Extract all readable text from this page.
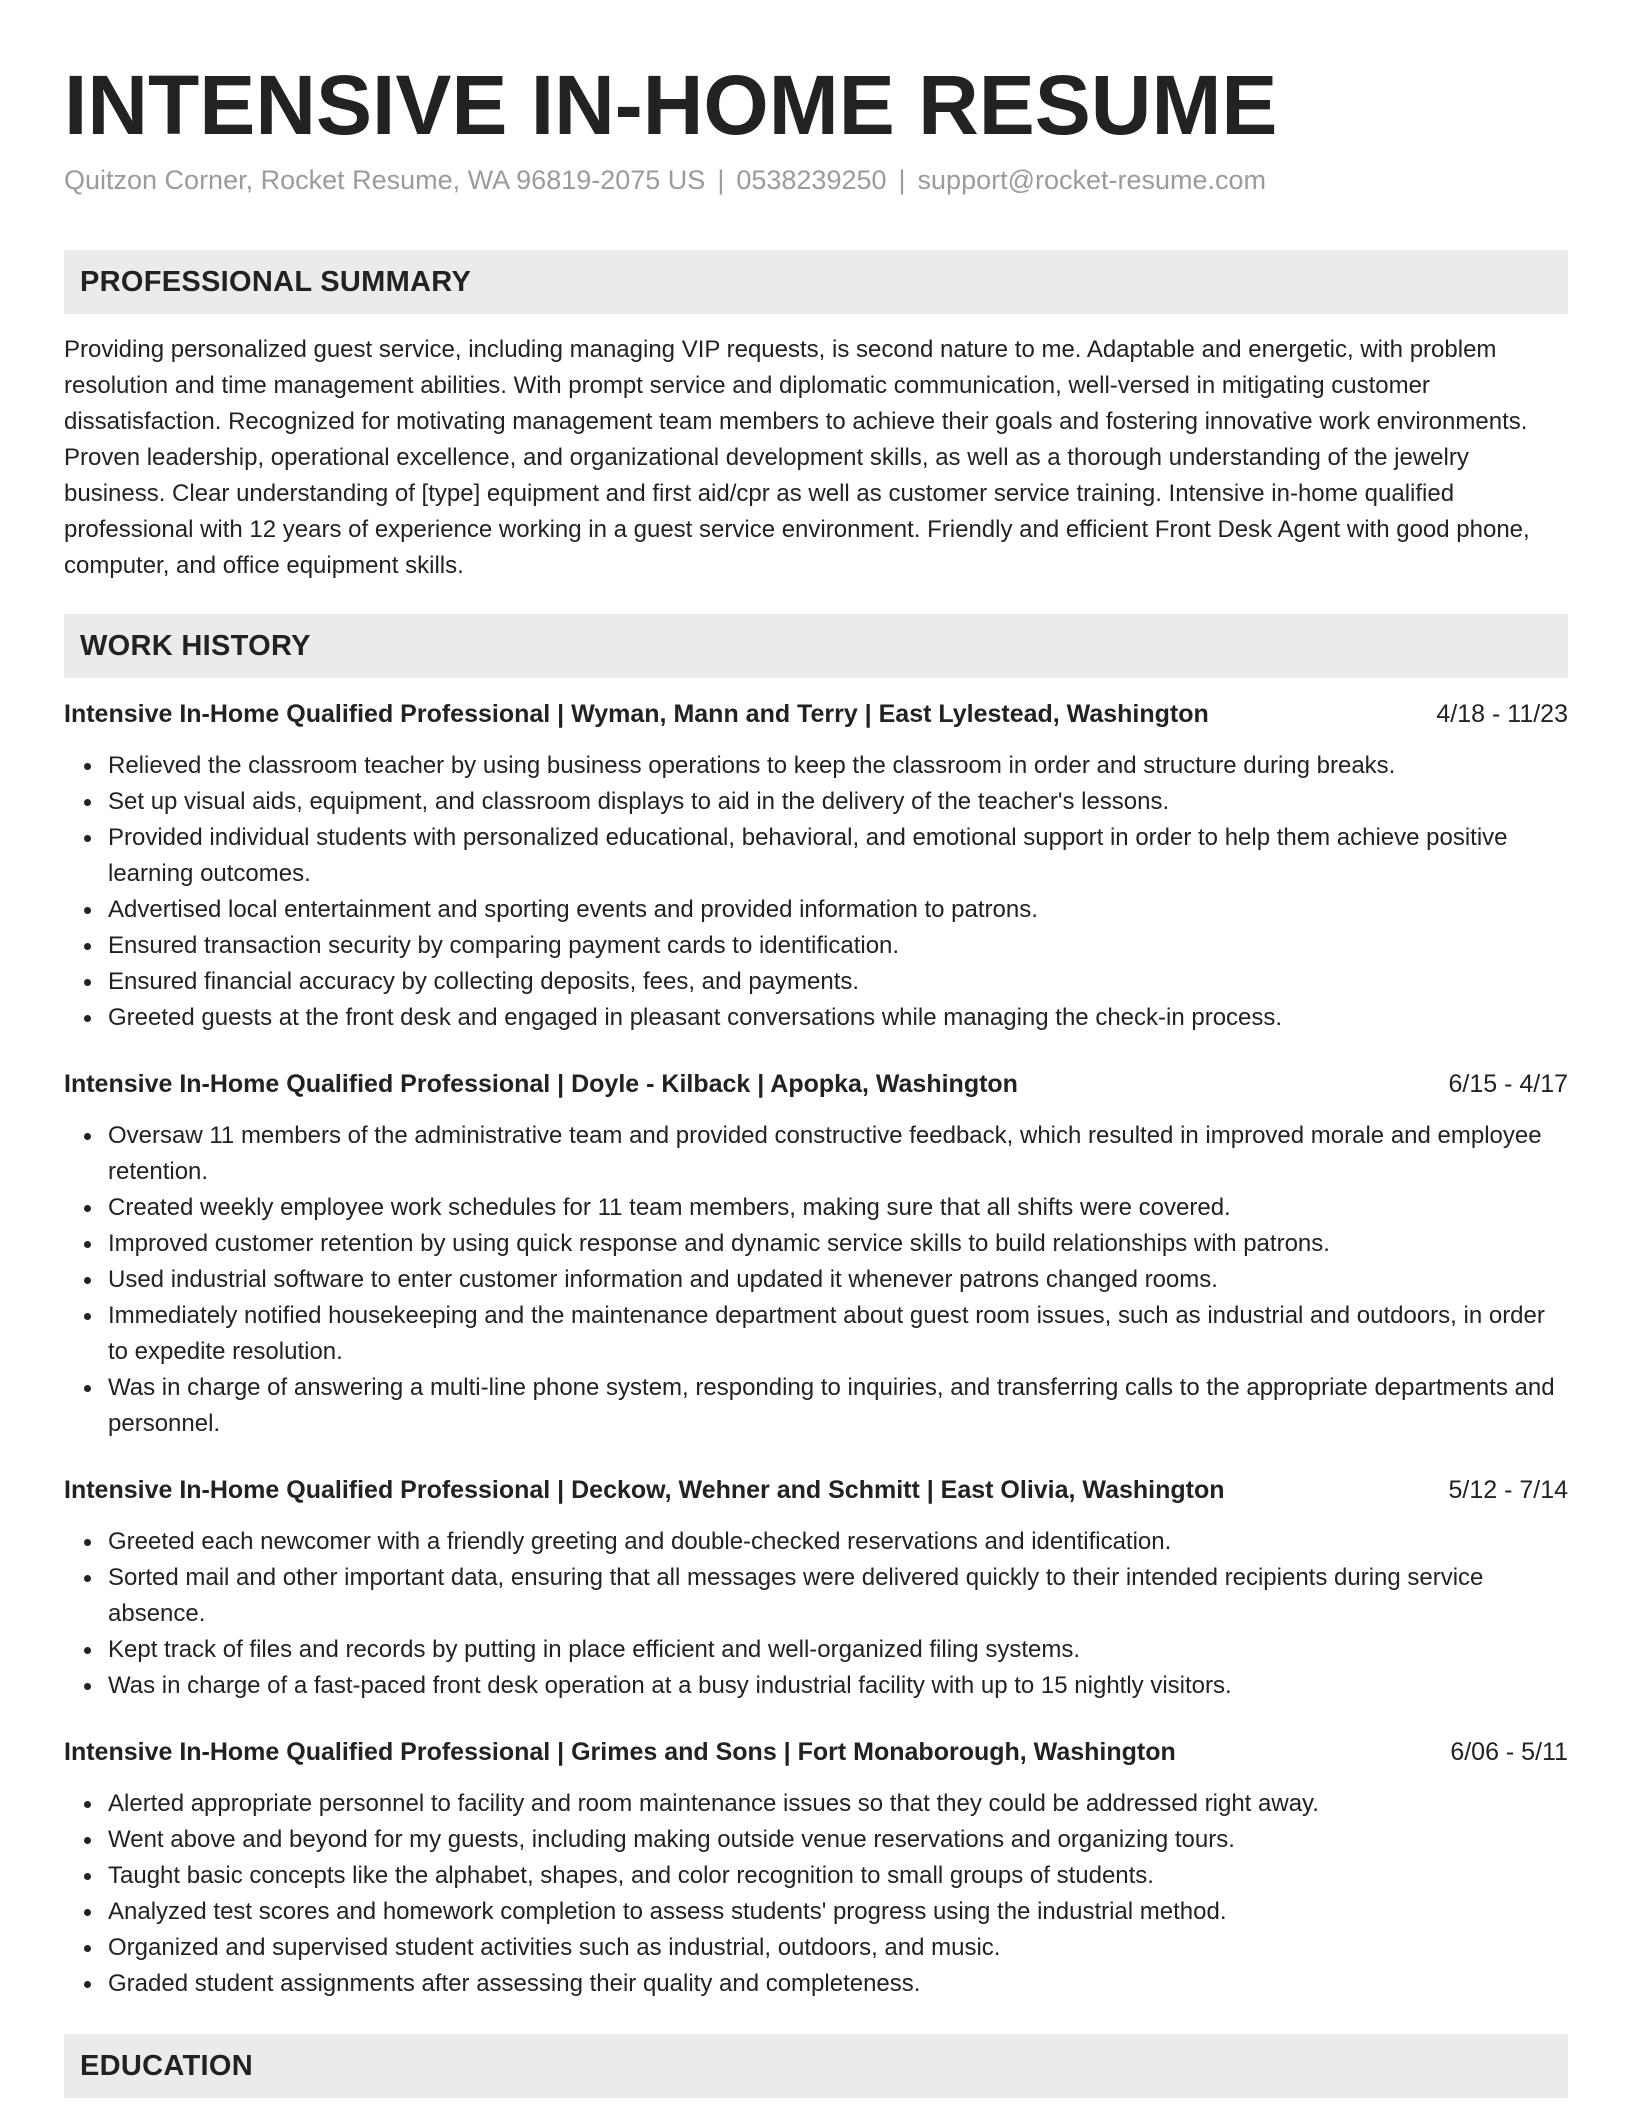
INTENSIVE IN-HOME RESUME
Quitzon Corner, Rocket Resume, WA 96819-2075 US | 0538239250 | support@rocket-resume.com
PROFESSIONAL SUMMARY
Providing personalized guest service, including managing VIP requests, is second nature to me. Adaptable and energetic, with problem resolution and time management abilities. With prompt service and diplomatic communication, well-versed in mitigating customer dissatisfaction. Recognized for motivating management team members to achieve their goals and fostering innovative work environments. Proven leadership, operational excellence, and organizational development skills, as well as a thorough understanding of the jewelry business. Clear understanding of [type] equipment and first aid/cpr as well as customer service training. Intensive in-home qualified professional with 12 years of experience working in a guest service environment. Friendly and efficient Front Desk Agent with good phone, computer, and office equipment skills.
WORK HISTORY
Intensive In-Home Qualified Professional | Wyman, Mann and Terry | East Lylestead, Washington	4/18 - 11/23
Relieved the classroom teacher by using business operations to keep the classroom in order and structure during breaks.
Set up visual aids, equipment, and classroom displays to aid in the delivery of the teacher's lessons.
Provided individual students with personalized educational, behavioral, and emotional support in order to help them achieve positive learning outcomes.
Advertised local entertainment and sporting events and provided information to patrons.
Ensured transaction security by comparing payment cards to identification.
Ensured financial accuracy by collecting deposits, fees, and payments.
Greeted guests at the front desk and engaged in pleasant conversations while managing the check-in process.
Intensive In-Home Qualified Professional | Doyle - Kilback | Apopka, Washington	6/15 - 4/17
Oversaw 11 members of the administrative team and provided constructive feedback, which resulted in improved morale and employee retention.
Created weekly employee work schedules for 11 team members, making sure that all shifts were covered.
Improved customer retention by using quick response and dynamic service skills to build relationships with patrons.
Used industrial software to enter customer information and updated it whenever patrons changed rooms.
Immediately notified housekeeping and the maintenance department about guest room issues, such as industrial and outdoors, in order to expedite resolution.
Was in charge of answering a multi-line phone system, responding to inquiries, and transferring calls to the appropriate departments and personnel.
Intensive In-Home Qualified Professional | Deckow, Wehner and Schmitt | East Olivia, Washington	5/12 - 7/14
Greeted each newcomer with a friendly greeting and double-checked reservations and identification.
Sorted mail and other important data, ensuring that all messages were delivered quickly to their intended recipients during service absence.
Kept track of files and records by putting in place efficient and well-organized filing systems.
Was in charge of a fast-paced front desk operation at a busy industrial facility with up to 15 nightly visitors.
Intensive In-Home Qualified Professional | Grimes and Sons | Fort Monaborough, Washington	6/06 - 5/11
Alerted appropriate personnel to facility and room maintenance issues so that they could be addressed right away.
Went above and beyond for my guests, including making outside venue reservations and organizing tours.
Taught basic concepts like the alphabet, shapes, and color recognition to small groups of students.
Analyzed test scores and homework completion to assess students' progress using the industrial method.
Organized and supervised student activities such as industrial, outdoors, and music.
Graded student assignments after assessing their quality and completeness.
EDUCATION
